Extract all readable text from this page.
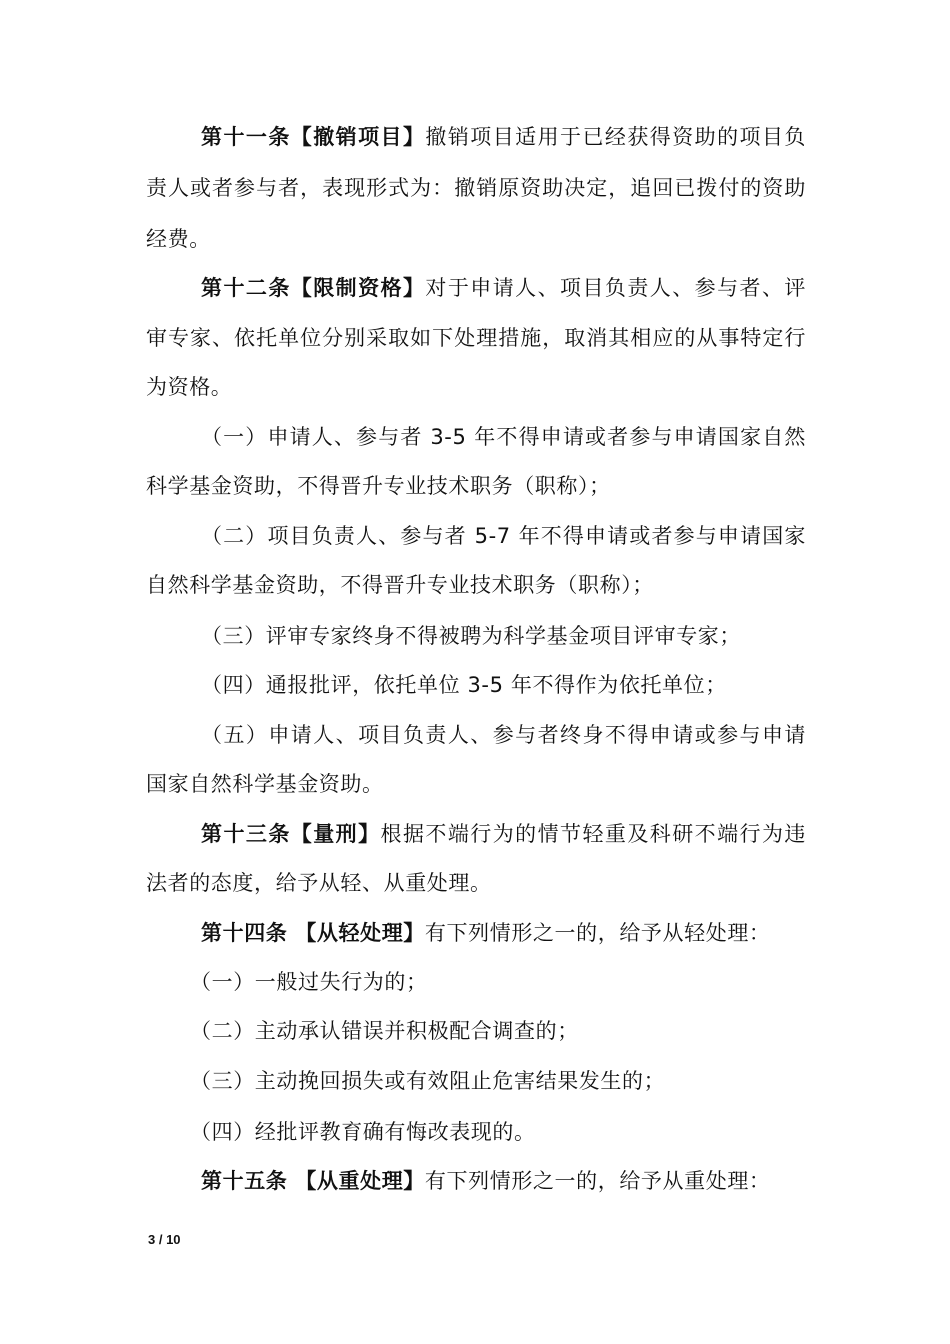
第十一条【撤销项目】撤销项目适用于已经获得资助的项目负
责人或者参与者，表现形式为：撤销原资助决定，追回已拨付的资助
经费。
第十二条【限制资格】对于申请人、项目负责人、参与者、评
审专家、依托单位分别采取如下处理措施，取消其相应的从事特定行
为资格。
（一）申请人、参与者 3-5 年不得申请或者参与申请国家自然
科学基金资助，不得晋升专业技术职务（职称）；
（二）项目负责人、参与者 5-7 年不得申请或者参与申请国家
自然科学基金资助，不得晋升专业技术职务（职称）；
（三）评审专家终身不得被聘为科学基金项目评审专家；
（四）通报批评，依托单位 3-5 年不得作为依托单位；
（五）申请人、项目负责人、参与者终身不得申请或参与申请
国家自然科学基金资助。
第十三条【量刑】根据不端行为的情节轻重及科研不端行为违
法者的态度，给予从轻、从重处理。
第十四条 【从轻处理】有下列情形之一的，给予从轻处理：
（一）一般过失行为的；
（二）主动承认错误并积极配合调查的；
（三）主动挽回损失或有效阻止危害结果发生的；
（四）经批评教育确有悔改表现的。
第十五条 【从重处理】有下列情形之一的，给予从重处理：
3 / 10
